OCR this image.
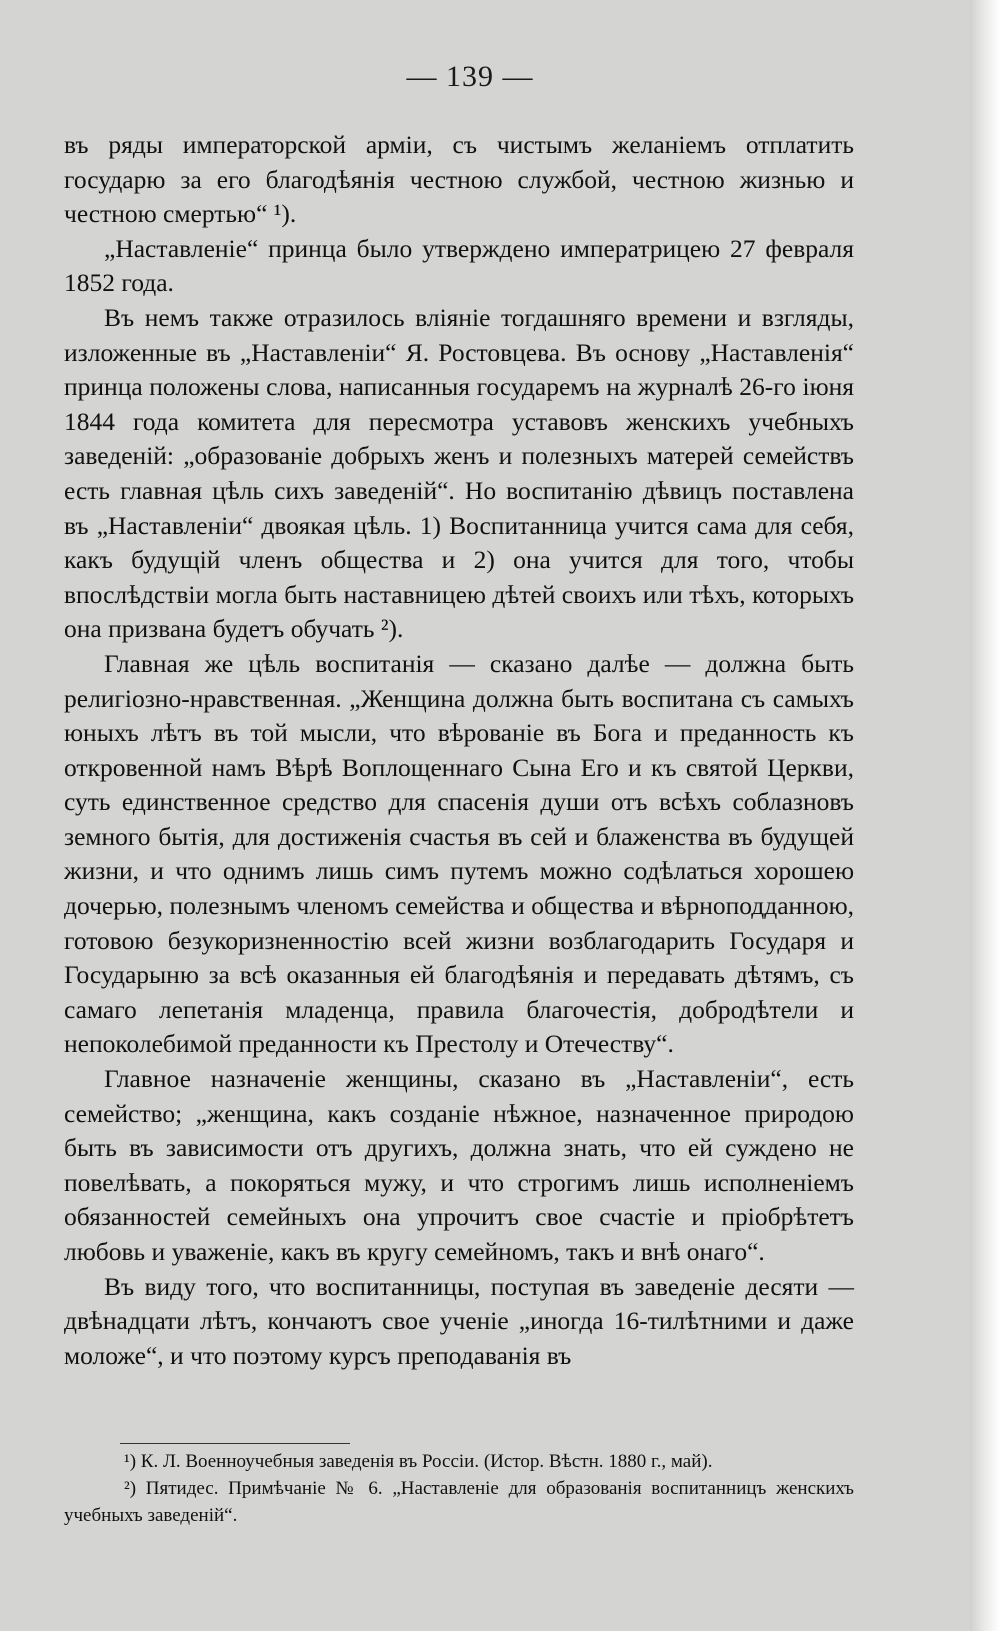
— 139 —

въ ряды императорской арміи, съ чистымъ желаніемъ отплатить государю за его благодѣянія честною службой, честною жизнью и честною смертью“ ¹).

„Наставленіе“ принца было утверждено императрицею 27 февраля 1852 года.

Въ немъ также отразилось вліяніе тогдашняго времени и взгляды, изложенные въ „Наставленіи“ Я. Ростовцева. Въ основу „Наставленія“ принца положены слова, написанныя государемъ на журналѣ 26-го іюня 1844 года комитета для пересмотра уставовъ женскихъ учебныхъ заведеній: „образованіе добрыхъ женъ и полезныхъ матерей семействъ есть главная цѣль сихъ заведеній“. Но воспитанію дѣвицъ поставлена въ „Наставленіи“ двоякая цѣль. 1) Воспитанница учится сама для себя, какъ будущій членъ общества и 2) она учится для того, чтобы впослѣдствіи могла быть наставницею дѣтей своихъ или тѣхъ, которыхъ она призвана будетъ обучать ²).

Главная же цѣль воспитанія — сказано далѣе — должна быть религіозно-нравственная. „Женщина должна быть воспитана съ самыхъ юныхъ лѣтъ въ той мысли, что вѣрованіе въ Бога и преданность къ откровенной намъ Вѣрѣ Воплощеннаго Сына Его и къ святой Церкви, суть единственное средство для спасенія души отъ всѣхъ соблазновъ земного бытія, для достиженія счастья въ сей и блаженства въ будущей жизни, и что однимъ лишь симъ путемъ можно содѣлаться хорошею дочерью, полезнымъ членомъ семейства и общества и вѣрноподданною, готовою безукоризненностію всей жизни возблагодарить Государя и Государыню за всѣ оказанныя ей благодѣянія и передавать дѣтямъ, съ самаго лепетанія младенца, правила благочестія, добродѣтели и непоколебимой преданности къ Престолу и Отечеству“.

Главное назначеніе женщины, сказано въ „Наставленіи“, есть семейство; „женщина, какъ созданіе нѣжное, назначенное природою быть въ зависимости отъ другихъ, должна знать, что ей суждено не повелѣвать, а покоряться мужу, и что строгимъ лишь исполненіемъ обязанностей семейныхъ она упрочитъ свое счастіе и пріобрѣтетъ любовь и уваженіе, какъ въ кругу семейномъ, такъ и внѣ онаго“.

Въ виду того, что воспитанницы, поступая въ заведеніе десяти — двѣнадцати лѣтъ, кончаютъ свое ученіе „иногда 16-тилѣтними и даже моложе“, и что поэтому курсъ преподаванія въ

¹) К. Л. Военноучебныя заведенія въ Россіи. (Истор. Вѣстн. 1880 г., май).

²) Пятидес. Примѣчаніе № 6. „Наставленіе для образованія воспитанницъ женскихъ учебныхъ заведеній“.
